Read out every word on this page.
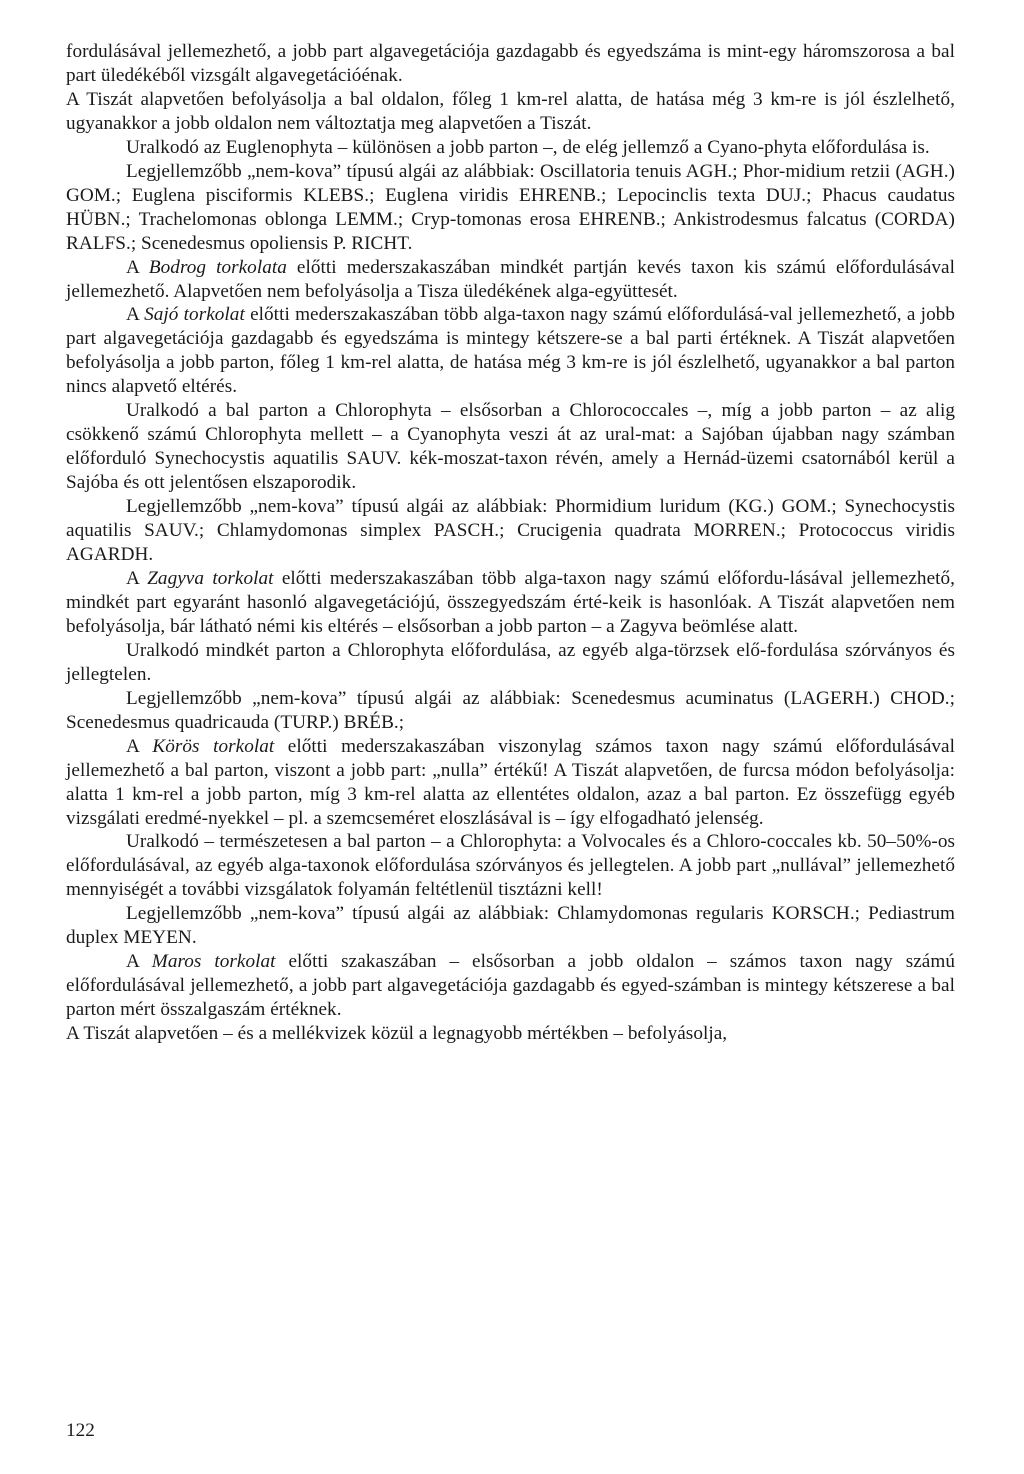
fordulásával jellemezhető, a jobb part algavegetációja gazdagabb és egyedszáma is mint-egy háromszorosa a bal part üledékéből vizsgált algavegetációénak.

A Tiszát alapvetően befolyásolja a bal oldalon, főleg 1 km-rel alatta, de hatása még 3 km-re is jól észlelhető, ugyanakkor a jobb oldalon nem változtatja meg alapvetően a Tiszát.

Uralkodó az Euglenophyta – különösen a jobb parton –, de elég jellemző a Cyano-phyta előfordulása is.

Legjellemzőbb „nem-kova” típusú algái az alábbiak: Oscillatoria tenuis AGH.; Phor-midium retzii (AGH.) GOM.; Euglena pisciformis KLEBS.; Euglena viridis EHRENB.; Lepocinclis texta DUJ.; Phacus caudatus HÜBN.; Trachelomonas oblonga LEMM.; Cryp-tomonas erosa EHRENB.; Ankistrodesmus falcatus (CORDA) RALFS.; Scenedesmus opoliensis P. RICHT.

A Bodrog torkolata előtti mederszakaszában mindkét partján kevés taxon kis számú előfordulásával jellemezhető. Alapvetően nem befolyásolja a Tisza üledékének alga-együttesét.

A Sajó torkolat előtti mederszakaszában több alga-taxon nagy számú előfordulásá-val jellemezhető, a jobb part algavegetációja gazdagabb és egyedszáma is mintegy kétszere-se a bal parti értéknek. A Tiszát alapvetően befolyásolja a jobb parton, főleg 1 km-rel alatta, de hatása még 3 km-re is jól észlelhető, ugyanakkor a bal parton nincs alapvető eltérés.

Uralkodó a bal parton a Chlorophyta – elsősorban a Chlorococcales –, míg a jobb parton – az alig csökkenő számú Chlorophyta mellett – a Cyanophyta veszi át az ural-mat: a Sajóban újabban nagy számban előforduló Synechocystis aquatilis SAUV. kék-moszat-taxon révén, amely a Hernád-üzemi csatornából kerül a Sajóba és ott jelentősen elszaporodik.

Legjellemzőbb „nem-kova” típusú algái az alábbiak: Phormidium luridum (KG.) GOM.; Synechocystis aquatilis SAUV.; Chlamydomonas simplex PASCH.; Crucigenia quadrata MORREN.; Protococcus viridis AGARDH.

A Zagyva torkolat előtti mederszakaszában több alga-taxon nagy számú előfordu-lásával jellemezhető, mindkét part egyaránt hasonló algavegetációjú, összegyedszám érté-keik is hasonlóak. A Tiszát alapvetően nem befolyásolja, bár látható némi kis eltérés – elsősorban a jobb parton – a Zagyva beömlése alatt.

Uralkodó mindkét parton a Chlorophyta előfordulása, az egyéb alga-törzsek elő-fordulása szórványos és jellegtelen.

Legjellemzőbb „nem-kova” típusú algái az alábbiak: Scenedesmus acuminatus (LAGERH.) CHOD.; Scenedesmus quadricauda (TURP.) BRÉB.;

A Körös torkolat előtti mederszakaszában viszonylag számos taxon nagy számú előfordulásával jellemezhető a bal parton, viszont a jobb part: „nulla” értékű! A Tiszát alapvetően, de furcsa módon befolyásolja: alatta 1 km-rel a jobb parton, míg 3 km-rel alatta az ellentétes oldalon, azaz a bal parton. Ez összefügg egyéb vizsgálati eredmé-nyekkel – pl. a szemcseméret eloszlásával is – így elfogadható jelenség.

Uralkodó – természetesen a bal parton – a Chlorophyta: a Volvocales és a Chloro-coccales kb. 50–50%-os előfordulásával, az egyéb alga-taxonok előfordulása szórványos és jellegtelen. A jobb part „nullával” jellemezhető mennyiségét a további vizsgálatok folyamán feltétlenül tisztázni kell!

Legjellemzőbb „nem-kova” típusú algái az alábbiak: Chlamydomonas regularis KORSCH.; Pediastrum duplex MEYEN.

A Maros torkolat előtti szakaszában – elsősorban a jobb oldalon – számos taxon nagy számú előfordulásával jellemezhető, a jobb part algavegetációja gazdagabb és egyed-számban is mintegy kétszerese a bal parton mért összalgaszám értéknek.

A Tiszát alapvetően – és a mellékvizek közül a legnagyobb mértékben – befolyásolja,

122
